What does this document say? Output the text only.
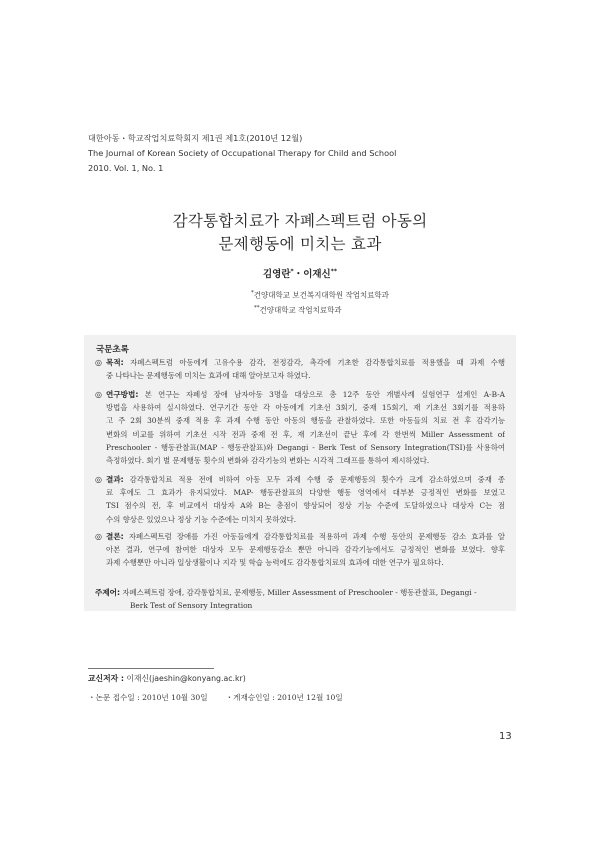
대한아동・학교작업치료학회지 제1권 제1호(2010년 12월)
The Journal of Korean Society of Occupational Therapy for Child and School
2010. Vol. 1, No. 1
감각통합치료가 자폐스펙트럼 아동의
문제행동에 미치는 효과
김영란*・이재신**
*건양대학교 보건복지대학원 작업치료학과
**건양대학교 작업치료학과
국문초록
◎ 목적: 자폐스펙트럼 아동에게 고유수용 감각, 전정감각, 촉각에 기초한 감각통합치료를 적용했을 때 과제 수행
중 나타나는 문제행동에 미치는 효과에 대해 알아보고자 하였다.
◎ 연구방법: 본 연구는 자폐성 장애 남자아동 3명을 대상으로 총 12주 동안 개별사례 실험연구 설계인 A-B-A
방법을 사용하여 실시하였다. 연구기간 동안 각 아동에게 기초선 3회기, 중재 15회기, 재 기초선 3회기를 적용하
고 주 2회 30분씩 중재 적용 후 과제 수행 동안 아동의 행동을 관찰하였다. 또한 아동들의 치료 전 후 감각기능
변화의 비교를 위하여 기초선 시작 전과 중재 전 후, 재 기초선이 끝난 후에 각 한번씩 Miller Assessment of
Preschooler - 행동관찰표(MAP - 행동관찰표)와 Degangi - Berk Test of Sensory Integration(TSI)를 사용하여
측정하였다. 회기 별 문제행동 횟수의 변화와 감각기능의 변화는 시각적 그래프를 통하여 제시하였다.
◎ 결과: 감각통합치료 적용 전에 비하여 아동 모두 과제 수행 중 문제행동의 횟수가 크게 감소하였으며 중재 종
료 후에도 그 효과가 유지되었다. MAP- 행동관찰표의 다양한 행동 영역에서 대부분 긍정적인 변화를 보였고
TSI 점수의 전, 후 비교에서 대상자 A와 B는 총점이 향상되어 정상 기능 수준에 도달하였으나 대상자 C는 점
수의 향상은 있었으나 정상 기능 수준에는 미치지 못하였다.
◎ 결론: 자폐스펙트럼 장애를 가진 아동들에게 감각통합치료를 적용하여 과제 수행 동안의 문제행동 감소 효과를 알
아본 결과, 연구에 참여한 대상자 모두 문제행동감소 뿐만 아니라 감각기능에서도 긍정적인 변화를 보였다. 향후
과제 수행뿐만 아니라 일상생활이나 지각 및 학습 능력에도 감각통합치료의 효과에 대한 연구가 필요하다.
주제어: 자폐스펙트럼 장애, 감각통합치료, 문제행동, Miller Assessment of Preschooler - 행동관찰표, Degangi -
Berk Test of Sensory Integration
교신저자 : 이재신(jaeshin@konyang.ac.kr)
・논문 접수일 : 2010년 10월 30일 ・게재승인일 : 2010년 12월 10일
13
